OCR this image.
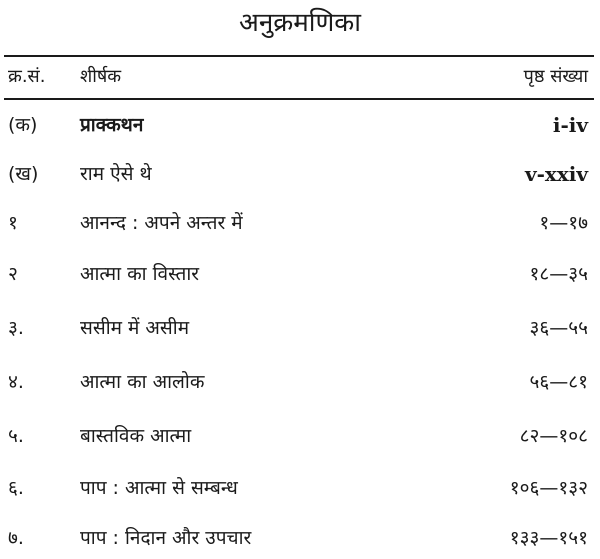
अनुक्रमणिका
क्र.सं. शीर्षक	पृष्ठ संख्या
(क) प्राक्कथन	i-iv
(ख) राम ऐसे थे	v-xxiv
१	आनन्द : अपने अन्तर में	१—१७
२	आत्मा का विस्तार	१८—३५
३.	ससीम में असीम	३६—५५
४.	आत्मा का आलोक	५६—८१
५.	बास्तविक आत्मा	८२—१०८
६.	पाप : आत्मा से सम्बन्ध	१०६—१३२
७.	पाप : निदान और उपचार	१३३—१५१
